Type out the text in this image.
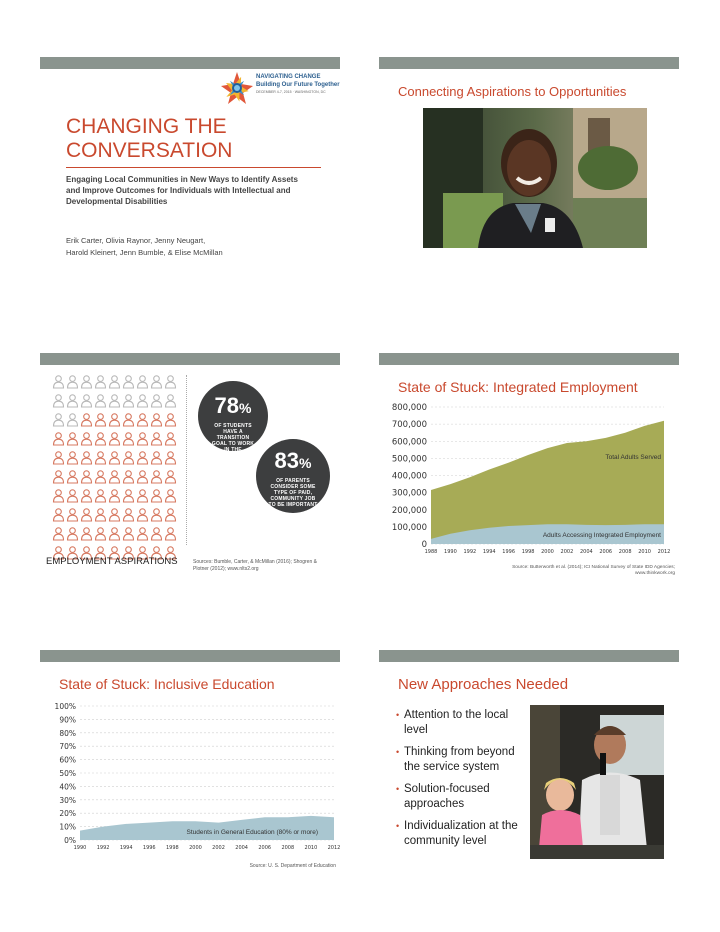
NAVIGATING CHANGE
Building Our Future Together
DECEMBER 4-7, 2015 · WASHINGTON, DC
CHANGING THE
CONVERSATION
Engaging Local Communities in New Ways to Identify Assets and Improve Outcomes for Individuals with Intellectual and Developmental Disabilities
Erik Carter, Olivia Raynor, Jenny Neugart,
Harold Kleinert, Jenn Bumble, & Elise McMillan
Connecting Aspirations to Opportunities
78%
OF STUDENTS HAVE A TRANSITION GOAL TO WORK IN THE COMMUNITY	83%
OF PARENTS CONSIDER SOME TYPE OF PAID, COMMUNITY JOB TO BE IMPORTANT
EMPLOYMENT ASPIRATIONS	Sources: Bumble, Carter, & McMillan (2016); Shogren & Plotner (2012); www.nlts2.org
State of Stuck: Integrated Employment
800,000
700,000
600,000
500,000
400,000
300,000
200,000
100,000
0
Total Adults Served
Adults Accessing Integrated Employment
1988 1990 1992 1994 1996 1998 2000 2002 2004 2006 2008 2010 2012
Source: Butterworth et al. (2014); ICI National Survey of State IDD Agencies; www.thinkwork.org
State of Stuck: Inclusive Education
100%
90%
80%
70%
60%
50%
40%
30%
20%
10%
0%
Students in General Education (80% or more)
1990 1992 1994 1996 1998 2000 2002 2004 2006 2008 2010 2012
Source: U. S. Department of Education
New Approaches Needed
• Attention to the local level
• Thinking from beyond the service system
• Solution-focused approaches
• Individualization at the community level
